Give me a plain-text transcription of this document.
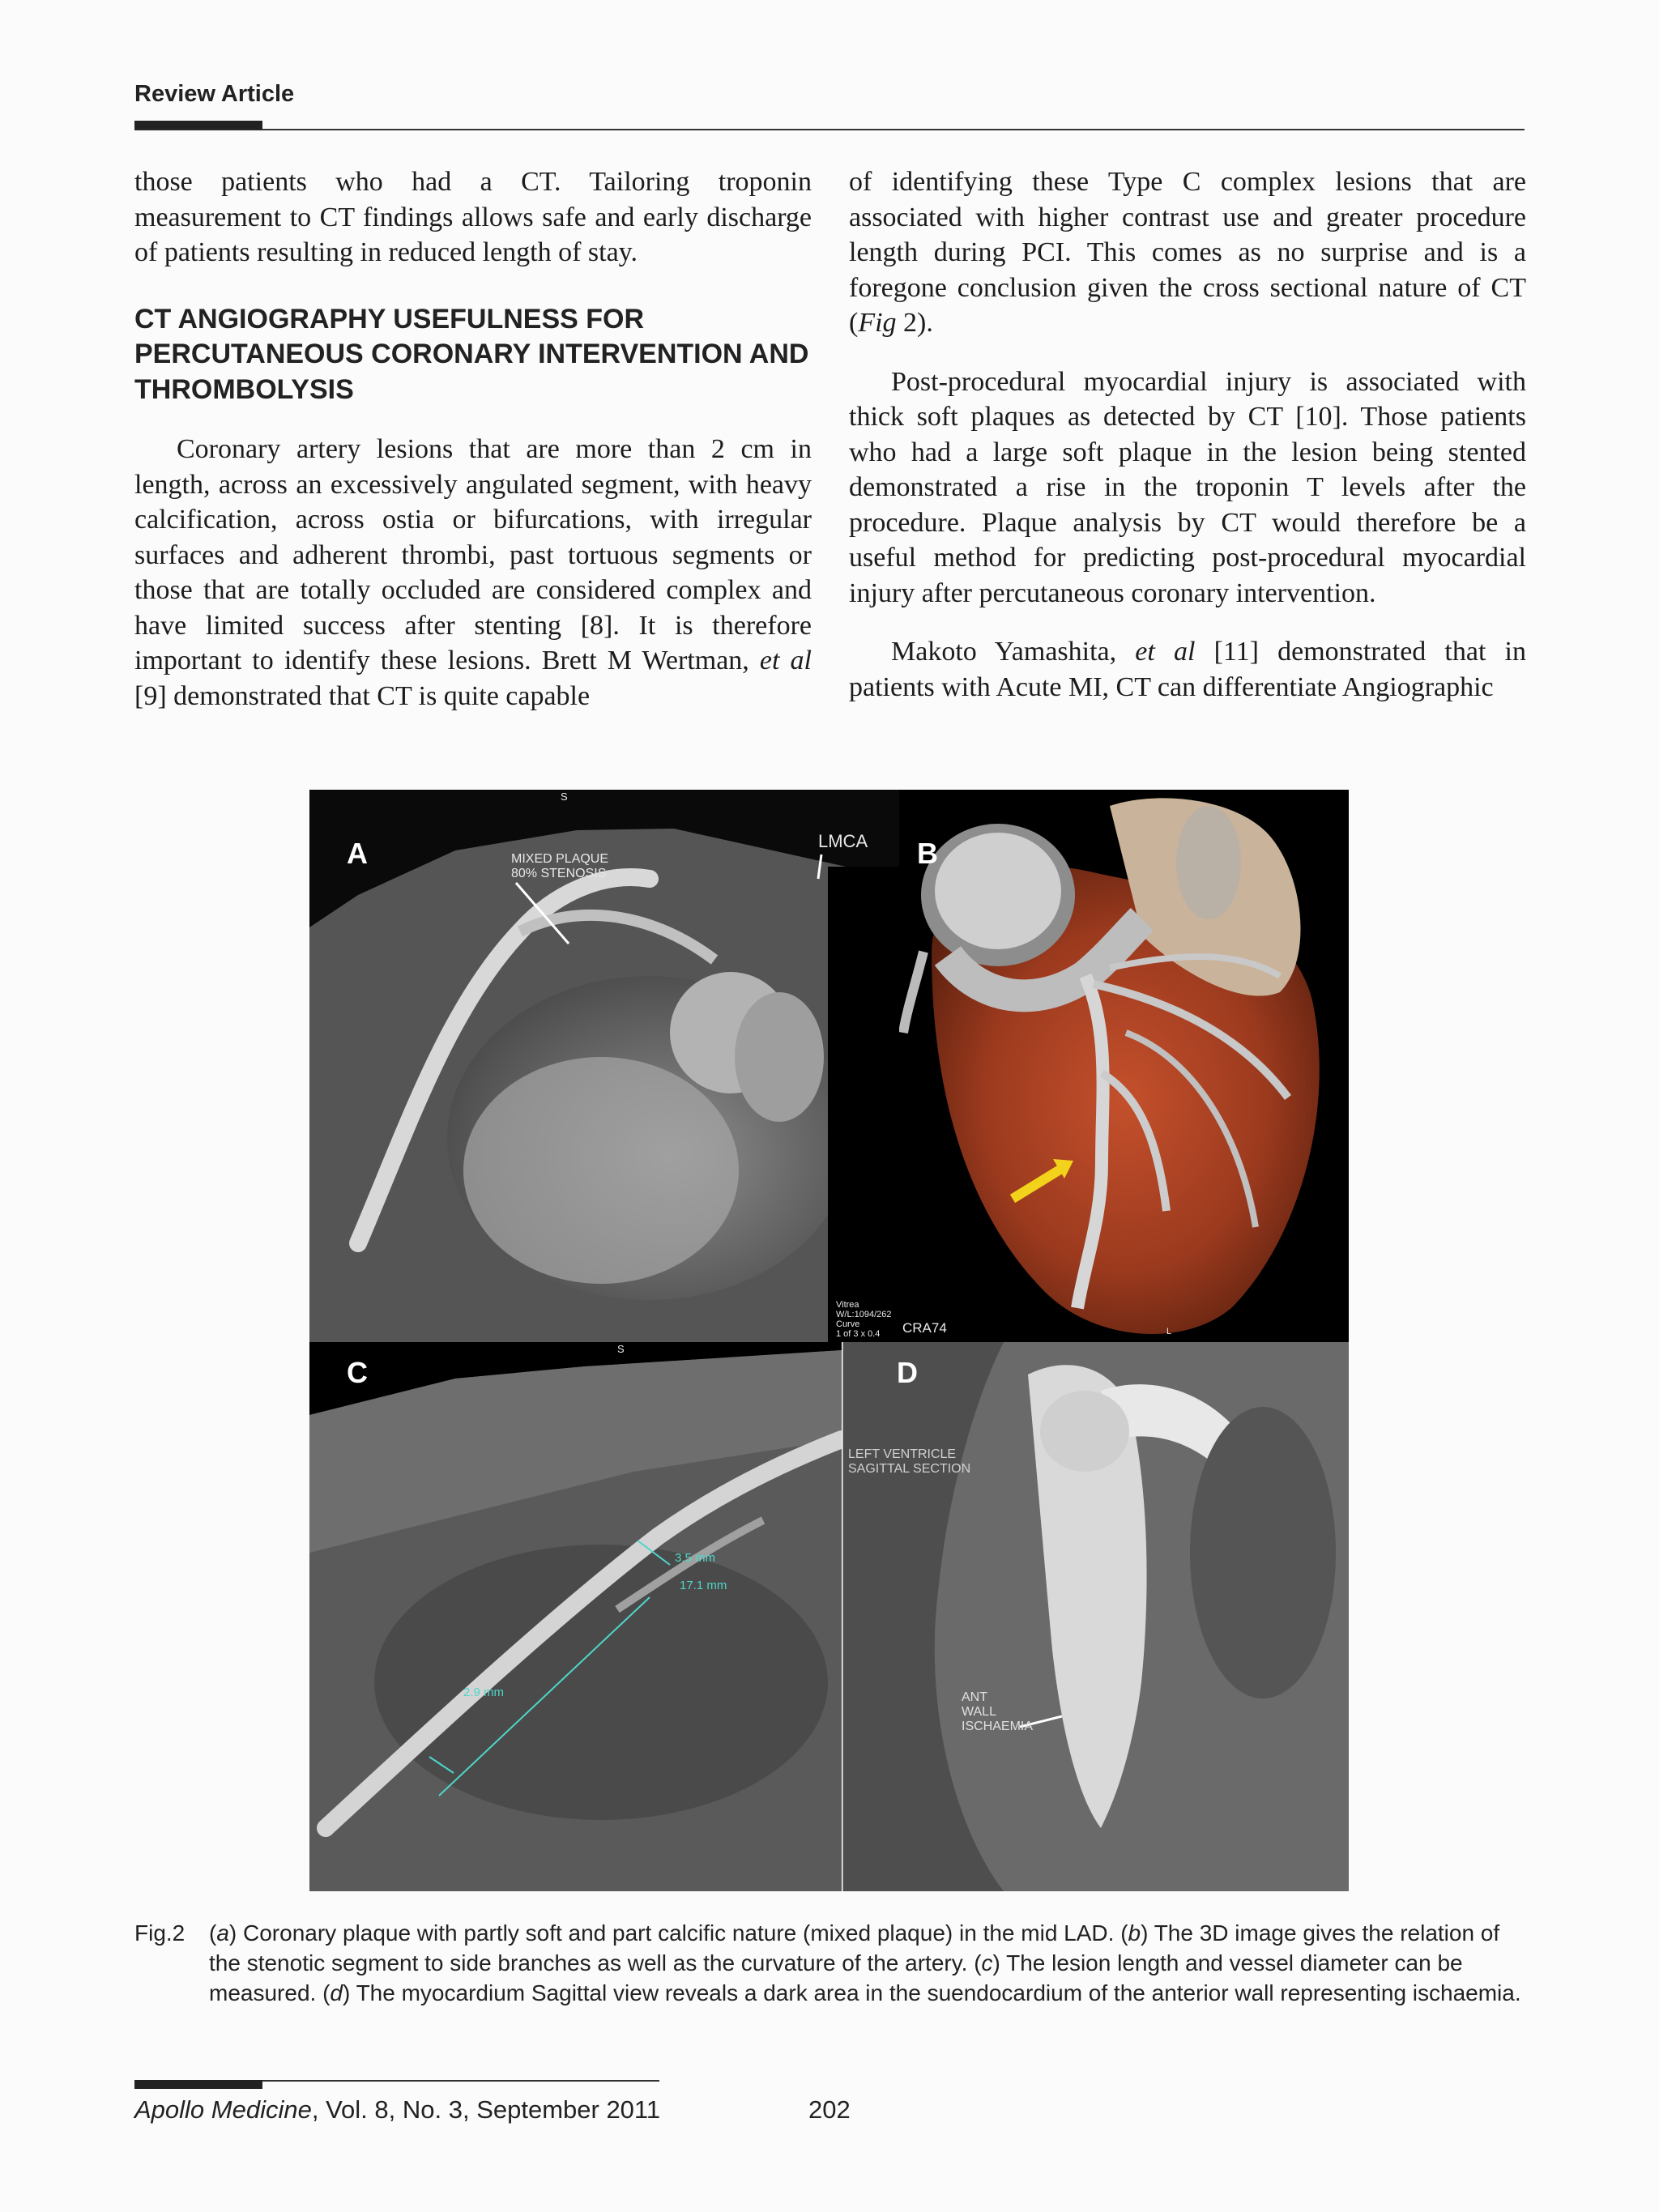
Review Article

those patients who had a CT. Tailoring troponin measurement to CT findings allows safe and early discharge of patients resulting in reduced length of stay.

CT ANGIOGRAPHY USEFULNESS FOR PERCUTANEOUS CORONARY INTERVENTION AND THROMBOLYSIS

Coronary artery lesions that are more than 2 cm in length, across an excessively angulated segment, with heavy calcification, across ostia or bifurcations, with irregular surfaces and adherent thrombi, past tortuous segments or those that are totally occluded are considered complex and have limited success after stenting [8]. It is therefore important to identify these lesions. Brett M Wertman, et al [9] demonstrated that CT is quite capable

of identifying these Type C complex lesions that are associated with higher contrast use and greater procedure length during PCI. This comes as no surprise and is a foregone conclusion given the cross sectional nature of CT (Fig 2).

Post-procedural myocardial injury is associated with thick soft plaques as detected by CT [10]. Those patients who had a large soft plaque in the lesion being stented demonstrated a rise in the troponin T levels after the procedure. Plaque analysis by CT would therefore be a useful method for predicting post-procedural myocardial injury after percutaneous coronary intervention.

Makoto Yamashita, et al [11] demonstrated that in patients with Acute MI, CT can differentiate Angiographic

A
S
MIXED PLAQUE
80% STENOSIS
LMCA
Vitrea
W/L:1094/262
Curve
1 of 3 x 0.4
B
CRA74	L
C
S
3.5 mm
17.1 mm
2.9 mm
D
LEFT VENTRICLE
SAGITTAL SECTION
ANT
WALL
ISCHAEMIA
Fig.2 (a) Coronary plaque with partly soft and part calcific nature (mixed plaque) in the mid LAD. (b) The 3D image gives the relation of the stenotic segment to side branches as well as the curvature of the artery. (c) The lesion length and vessel diameter can be measured. (d) The myocardium Sagittal view reveals a dark area in the suendocardium of the anterior wall representing ischaemia.
Apollo Medicine, Vol. 8, No. 3, September 2011	202
